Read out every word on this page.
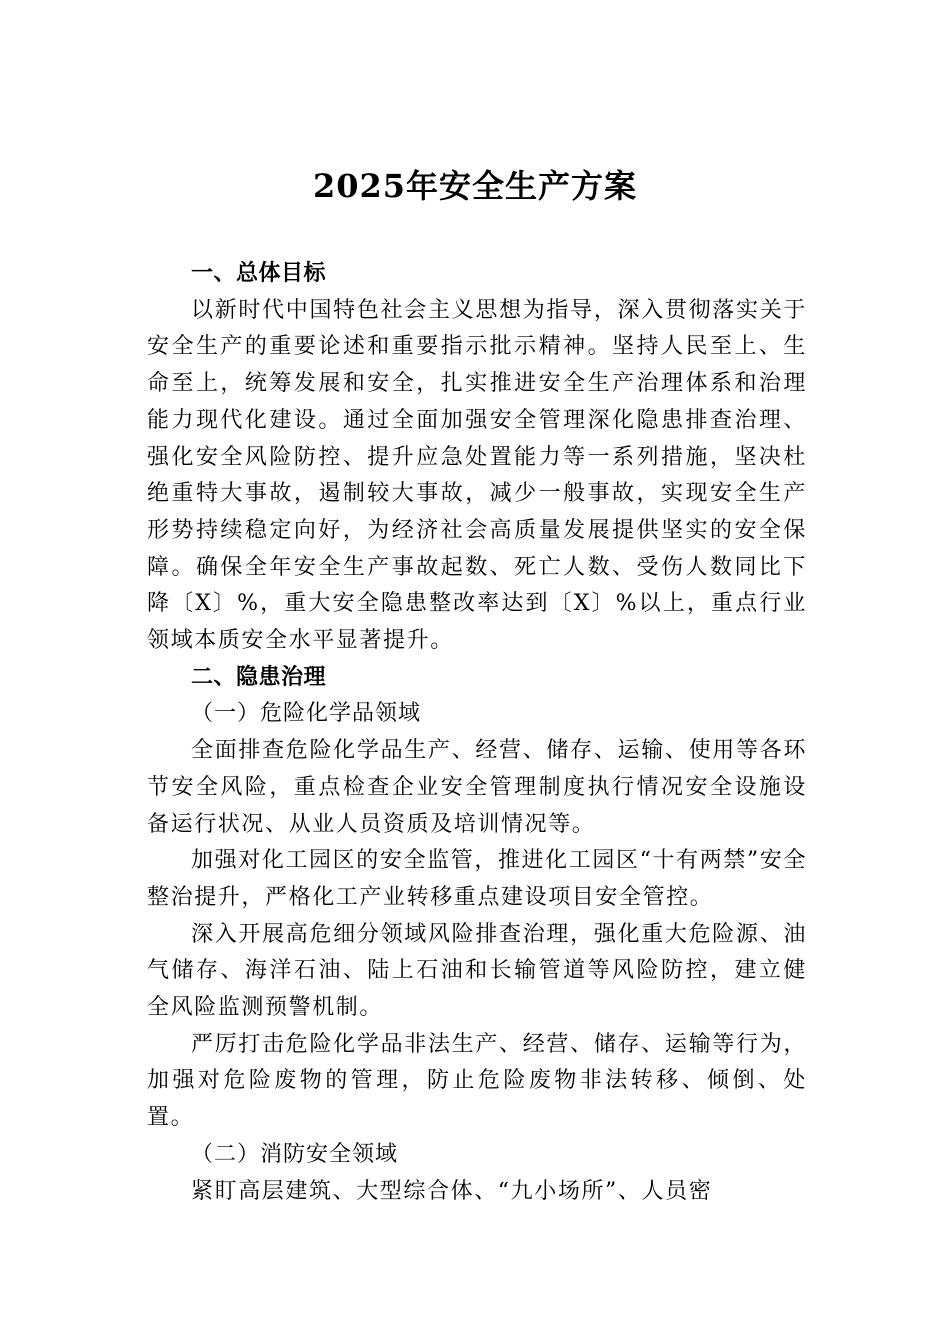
2025年安全生产方案

一、总体目标

以新时代中国特色社会主义思想为指导，深入贯彻落实关于安全生产的重要论述和重要指示批示精神。坚持人民至上、生命至上，统筹发展和安全，扎实推进安全生产治理体系和治理能力现代化建设。通过全面加强安全管理深化隐患排查治理、强化安全风险防控、提升应急处置能力等一系列措施，坚决杜绝重特大事故，遏制较大事故，减少一般事故，实现安全生产形势持续稳定向好，为经济社会高质量发展提供坚实的安全保障。确保全年安全生产事故起数、死亡人数、受伤人数同比下降〔X〕%，重大安全隐患整改率达到〔X〕%以上，重点行业领域本质安全水平显著提升。

二、隐患治理

（一）危险化学品领域

全面排查危险化学品生产、经营、储存、运输、使用等各环节安全风险，重点检查企业安全管理制度执行情况安全设施设备运行状况、从业人员资质及培训情况等。

加强对化工园区的安全监管，推进化工园区“十有两禁”安全整治提升，严格化工产业转移重点建设项目安全管控。

深入开展高危细分领域风险排查治理，强化重大危险源、油气储存、海洋石油、陆上石油和长输管道等风险防控，建立健全风险监测预警机制。

严厉打击危险化学品非法生产、经营、储存、运输等行为，加强对危险废物的管理，防止危险废物非法转移、倾倒、处置。

（二）消防安全领域

紧盯高层建筑、大型综合体、“九小场所”、人员密
